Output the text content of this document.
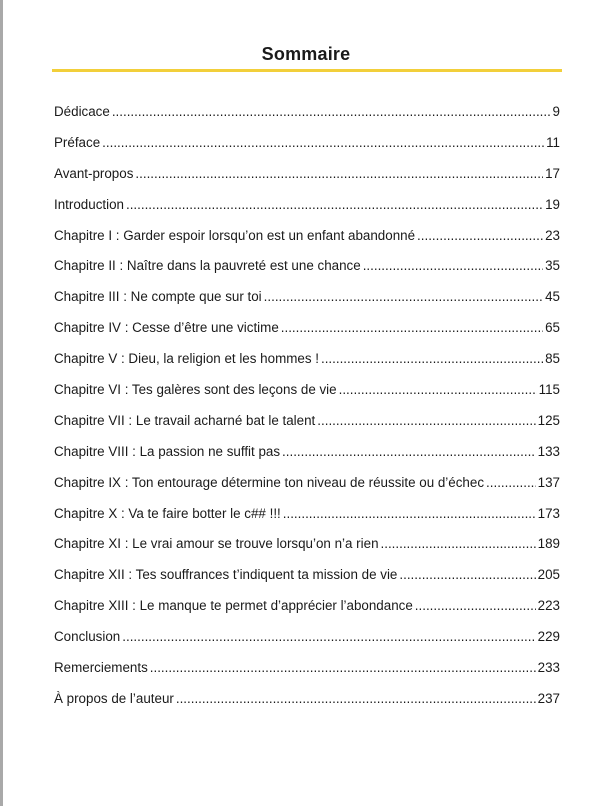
Sommaire
Dédicace .....	9
Préface .....	11
Avant-propos .....	17
Introduction .....	19
Chapitre I : Garder espoir lorsqu’on est un enfant abandonné .....	23
Chapitre II : Naître dans la pauvreté est une chance .....	35
Chapitre III : Ne compte que sur toi .....	45
Chapitre IV : Cesse d’être une victime .....	65
Chapitre V : Dieu, la religion et les hommes ! .....	85
Chapitre VI : Tes galères sont des leçons de vie .....	115
Chapitre VII : Le travail acharné bat le talent .....	125
Chapitre VIII : La passion ne suffit pas .....	133
Chapitre IX : Ton entourage détermine ton niveau de réussite ou d’échec .....	137
Chapitre X : Va te faire botter le c## !!! .....	173
Chapitre XI : Le vrai amour se trouve lorsqu’on n’a rien .....	189
Chapitre XII : Tes souffrances t’indiquent ta mission de vie .....	205
Chapitre XIII : Le manque te permet d’apprécier l’abondance .....	223
Conclusion .....	229
Remerciements .....	233
À propos de l’auteur .....	237
